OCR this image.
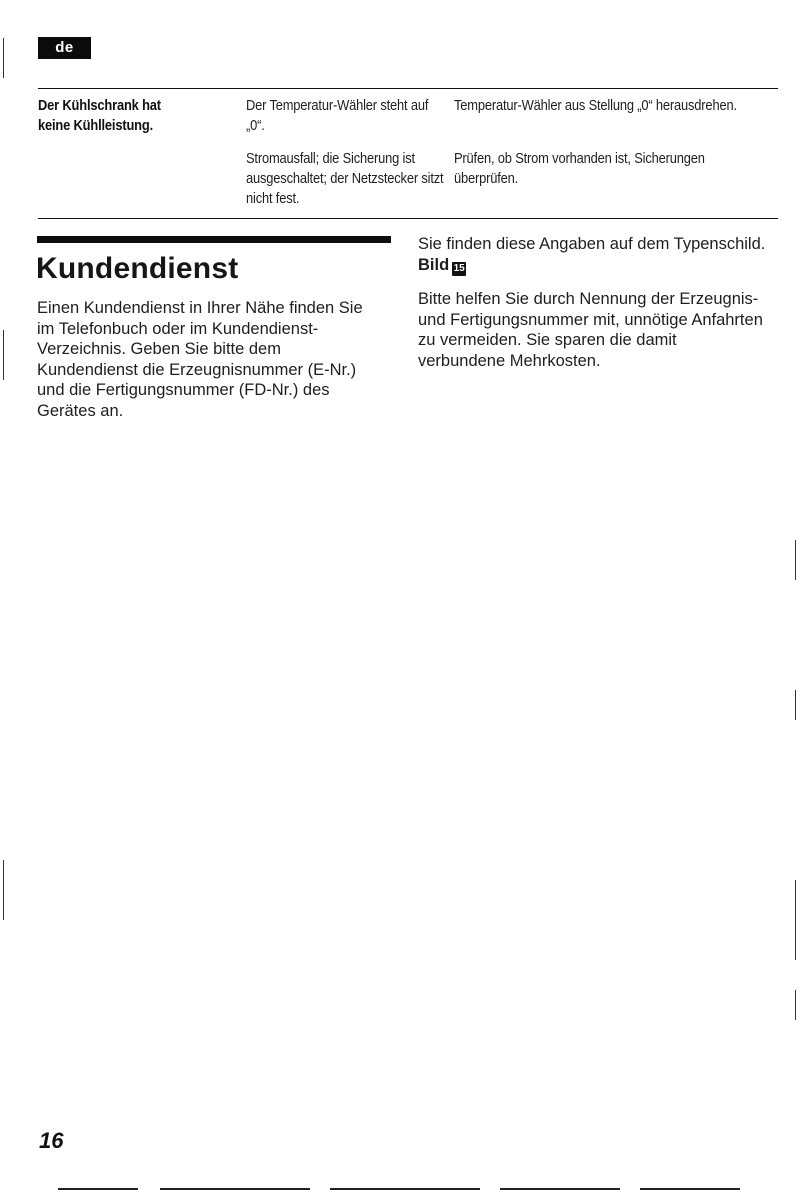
de
Der Kühlschrank hat keine Kühlleistung.
Der Temperatur-Wähler steht auf „0“.
Temperatur-Wähler aus Stellung „0“ herausdrehen.
Stromausfall; die Sicherung ist ausgeschaltet; der Netzstecker sitzt nicht fest.
Prüfen, ob Strom vorhanden ist, Sicherungen überprüfen.
Kundendienst

Einen Kundendienst in Ihrer Nähe finden Sie im Telefonbuch oder im Kundendienst-Verzeichnis. Geben Sie bitte dem Kundendienst die Erzeugnisnummer (E-Nr.) und die Fertigungsnummer (FD-Nr.) des Gerätes an.

Sie finden diese Angaben auf dem Typenschild. Bild 15

Bitte helfen Sie durch Nennung der Erzeugnis- und Fertigungsnummer mit, unnötige Anfahrten zu vermeiden. Sie sparen die damit verbundene Mehrkosten.

16
